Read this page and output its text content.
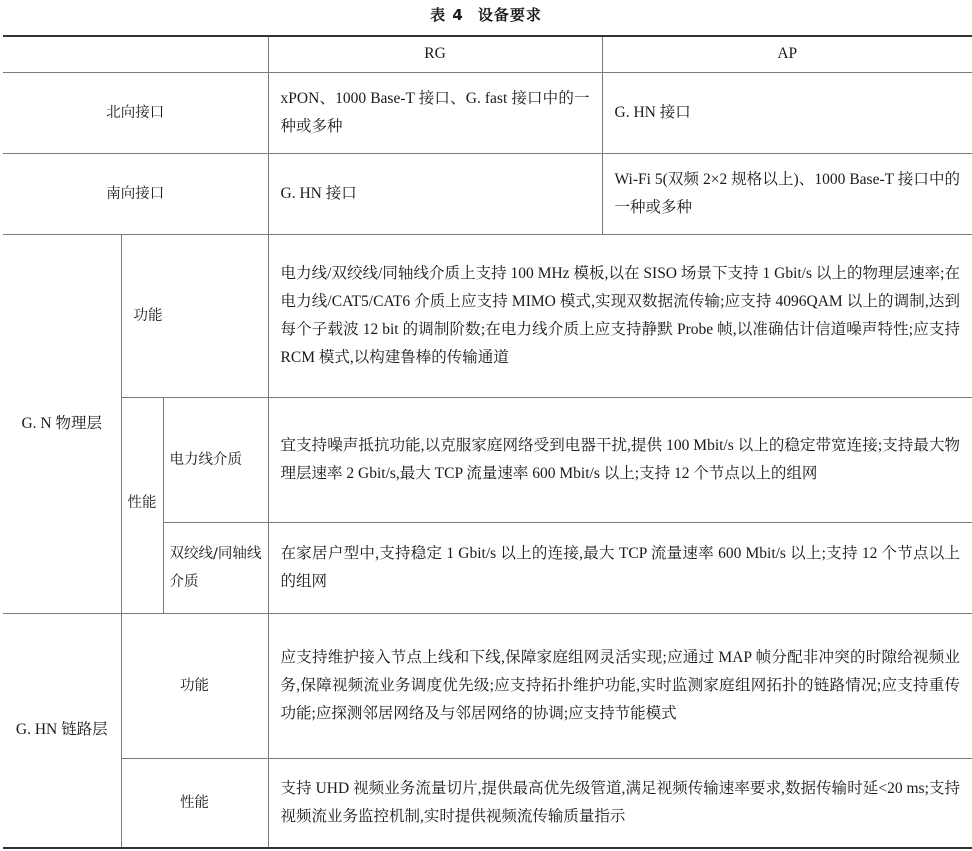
表 4 设备要求
			RG	AP
北向接口			xPON、1000 Base-T 接口、G. fast 接口中的一种或多种	G. HN 接口
南向接口			G. HN 接口	Wi-Fi 5(双频 2×2 规格以上)、1000 Base-T 接口中的一种或多种
G. N 物理层	功能		电力线/双绞线/同轴线介质上支持 100 MHz 模板,以在 SISO 场景下支持 1 Gbit/s 以上的物理层速率;在电力线/CAT5/CAT6 介质上应支持 MIMO 模式,实现双数据流传输;应支持 4096QAM 以上的调制,达到每个子载波 12 bit 的调制阶数;在电力线介质上应支持静默 Probe 帧,以准确估计信道噪声特性;应支持 RCM 模式,以构建鲁棒的传输通道	
	性能	电力线介质	宜支持噪声抵抗功能,以克服家庭网络受到电器干扰,提供 100 Mbit/s 以上的稳定带宽连接;支持最大物理层速率 2 Gbit/s,最大 TCP 流量速率 600 Mbit/s 以上;支持 12 个节点以上的组网	
		双绞线/同轴线介质	在家居户型中,支持稳定 1 Gbit/s 以上的连接,最大 TCP 流量速率 600 Mbit/s 以上;支持 12 个节点以上的组网	
G. HN 链路层	功能		应支持维护接入节点上线和下线,保障家庭组网灵活实现;应通过 MAP 帧分配非冲突的时隙给视频业务,保障视频流业务调度优先级;应支持拓扑维护功能,实时监测家庭组网拓扑的链路情况;应支持重传功能;应探测邻居网络及与邻居网络的协调;应支持节能模式	
	性能		支持 UHD 视频业务流量切片,提供最高优先级管道,满足视频传输速率要求,数据传输时延<20 ms;支持视频流业务监控机制,实时提供视频流传输质量指示	
